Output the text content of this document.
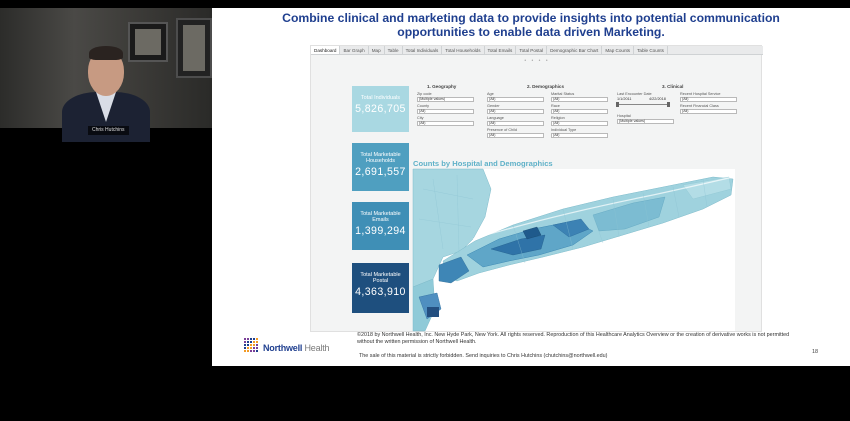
Chris Hutchins
Combine clinical and marketing data to provide insights into potential communication
opportunities to enable data driven Marketing.
Dashboard	Bar Graph	Map	Table	Total Individuals	Total Households	Total Emails	Total Postal	Demographic Bar Chart	Map Counts	Table Counts
• • • •
Total Individuals
5,826,705
Total Marketable Households
2,691,557
Total Marketable Emails
1,399,294
Total Marketable Postal
4,363,910
1. Geography	2. Demographics	3. Clinical
Zip code
(Multiple values)
County
(All)
City
(All)
Age
(All)
Gender
(All)
Language
(All)
Presence of Child
(All)
Marital Status
(All)
Race
(All)
Religion
(All)
Individual Type
(All)
Last Encounter Date
1/1/2011	4/22/2018
Hospital
(Multiple values)
Recent Hospital Service
(All)
Recent Financial Class
(All)
Counts by Hospital and Demographics
Northwell Health
©2018 by Northwell Health, Inc. New Hyde Park, New York. All rights reserved. Reproduction of this Healthcare Analytics Overview or the creation of derivative works is not permitted without the written permission of Northwell Health.
The sale of this material is strictly forbidden. Send inquiries to Chris Hutchins (chutchins@northwell.edu)
18
